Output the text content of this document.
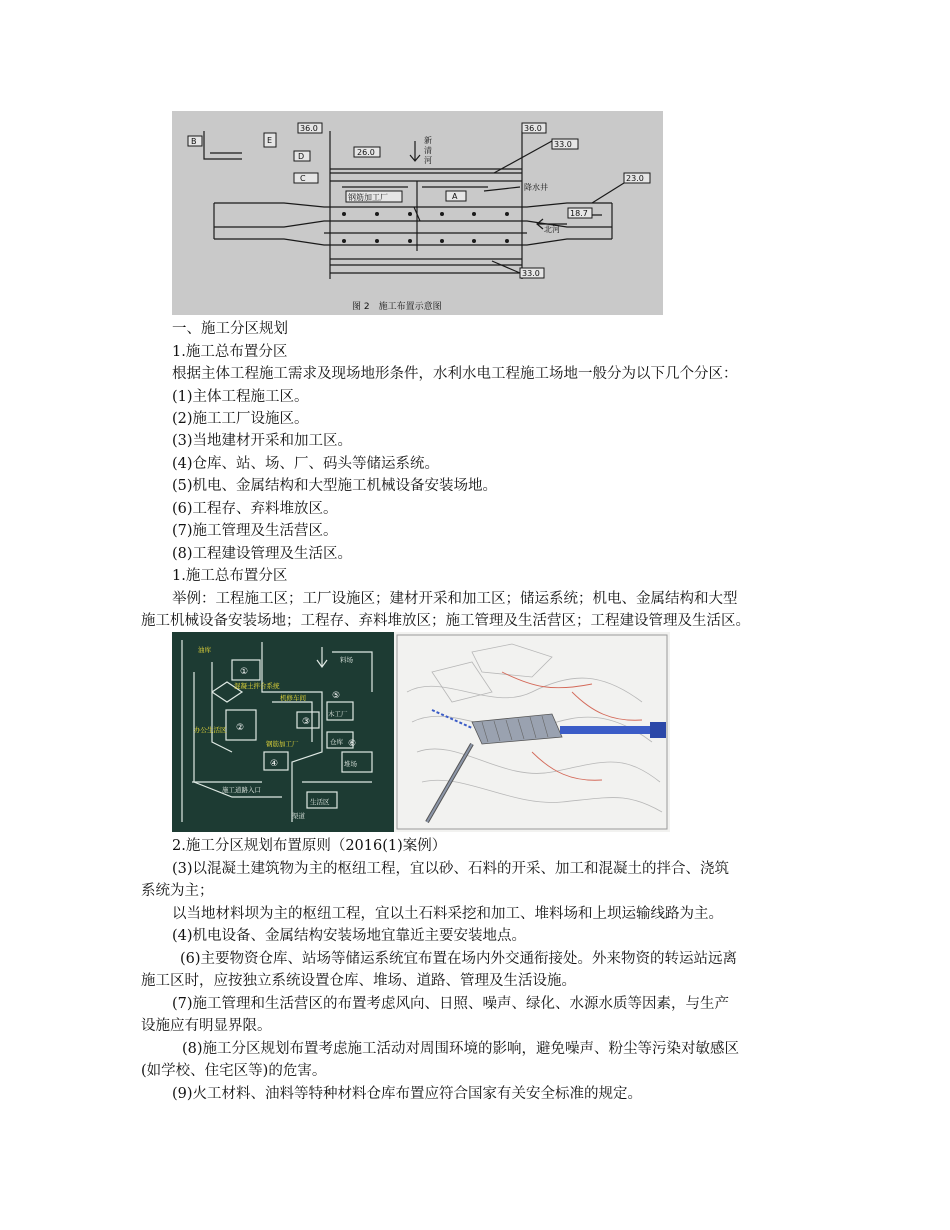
36.0	36.0
26.0
33.0
23.0
18.7
33.0
B	E
D
C
A
钢筋加工厂
降水井
北河
新
清
河
图 2　施工布置示意图
一、施工分区规划
1.施工总布置分区
根据主体工程施工需求及现场地形条件，水利水电工程施工场地一般分为以下几个分区：
(1)主体工程施工区。
(2)施工工厂设施区。
(3)当地建材开采和加工区。
(4)仓库、站、场、厂、码头等储运系统。
(5)机电、金属结构和大型施工机械设备安装场地。
(6)工程存、弃料堆放区。
(7)施工管理及生活营区。
(8)工程建设管理及生活区。
1.施工总布置分区
举例：工程施工区；工厂设施区；建材开采和加工区；储运系统；机电、金属结构和大型
施工机械设备安装场地；工程存、弃料堆放区；施工管理及生活营区；工程建设管理及生活区。
油库
混凝土拌合系统
机修车间
办公生活区
钢筋加工厂
木工厂
施工道路入口
仓库
堆场
生活区
料场
渠道
①
②
③
④
⑤
⑥
2.施工分区规划布置原则（2016(1)案例）
(3)以混凝土建筑物为主的枢纽工程，宜以砂、石料的开采、加工和混凝土的拌合、浇筑
系统为主；
以当地材料坝为主的枢纽工程，宜以土石料采挖和加工、堆料场和上坝运输线路为主。
(4)机电设备、金属结构安装场地宜靠近主要安装地点。
(6)主要物资仓库、站场等储运系统宜布置在场内外交通衔接处。外来物资的转运站远离
施工区时，应按独立系统设置仓库、堆场、道路、管理及生活设施。
(7)施工管理和生活营区的布置考虑风向、日照、噪声、绿化、水源水质等因素，与生产
设施应有明显界限。
(8)施工分区规划布置考虑施工活动对周围环境的影响，避免噪声、粉尘等污染对敏感区
(如学校、住宅区等)的危害。
(9)火工材料、油料等特种材料仓库布置应符合国家有关安全标准的规定。
